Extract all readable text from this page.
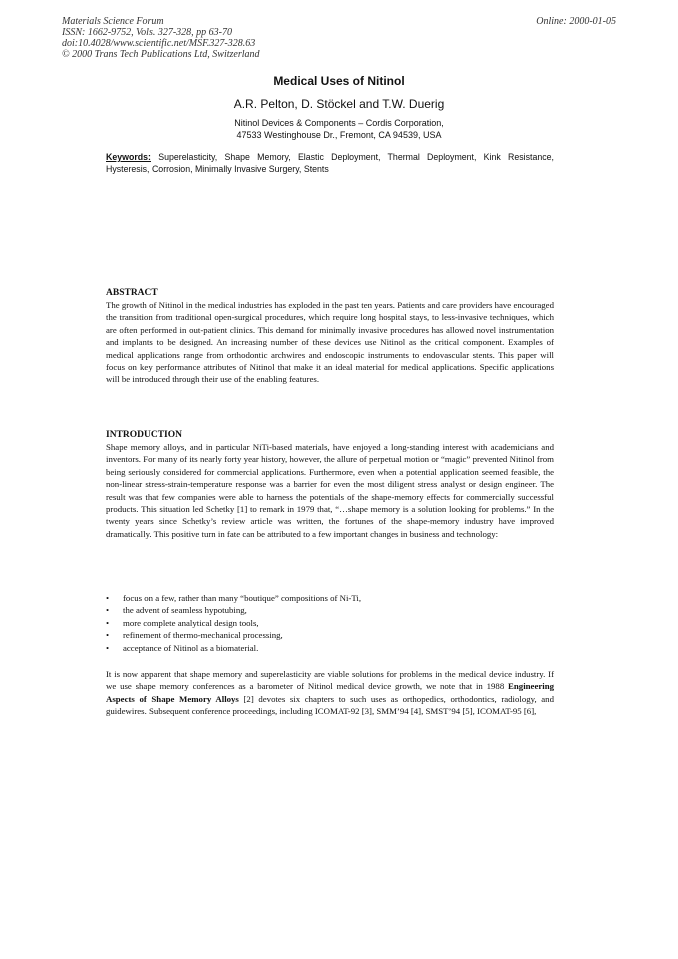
Materials Science Forum
ISSN: 1662-9752, Vols. 327-328, pp 63-70
doi:10.4028/www.scientific.net/MSF.327-328.63
© 2000 Trans Tech Publications Ltd, Switzerland
Online: 2000-01-05
Medical Uses of Nitinol
A.R. Pelton, D. Stöckel and T.W. Duerig
Nitinol Devices & Components – Cordis Corporation,
47533 Westinghouse Dr., Fremont, CA 94539, USA
Keywords: Superelasticity, Shape Memory, Elastic Deployment, Thermal Deployment, Kink Resistance, Hysteresis, Corrosion, Minimally Invasive Surgery, Stents
ABSTRACT

The growth of Nitinol in the medical industries has exploded in the past ten years. Patients and care providers have encouraged the transition from traditional open-surgical procedures, which require long hospital stays, to less-invasive techniques, which are often performed in out-patient clinics. This demand for minimally invasive procedures has allowed novel instrumentation and implants to be designed. An increasing number of these devices use Nitinol as the critical component. Examples of medical applications range from orthodontic archwires and endoscopic instruments to endovascular stents. This paper will focus on key performance attributes of Nitinol that make it an ideal material for medical applications. Specific applications will be introduced through their use of the enabling features.

INTRODUCTION

Shape memory alloys, and in particular NiTi-based materials, have enjoyed a long-standing interest with academicians and inventors. For many of its nearly forty year history, however, the allure of perpetual motion or “magic” prevented Nitinol from being seriously considered for commercial applications. Furthermore, even when a potential application seemed feasible, the non-linear stress-strain-temperature response was a barrier for even the most diligent stress analyst or design engineer. The result was that few companies were able to harness the potentials of the shape-memory effects for commercially successful products. This situation led Schetky [1] to remark in 1979 that, “…shape memory is a solution looking for problems.” In the twenty years since Schetky’s review article was written, the fortunes of the shape-memory industry have improved dramatically. This positive turn in fate can be attributed to a few important changes in business and technology:

• focus on a few, rather than many “boutique” compositions of Ni-Ti,
• the advent of seamless hypotubing,
• more complete analytical design tools,
• refinement of thermo-mechanical processing,
• acceptance of Nitinol as a biomaterial.

It is now apparent that shape memory and superelasticity are viable solutions for problems in the medical device industry. If we use shape memory conferences as a barometer of Nitinol medical device growth, we note that in 1988 Engineering Aspects of Shape Memory Alloys [2] devotes six chapters to such uses as orthopedics, orthodontics, radiology, and guidewires. Subsequent conference proceedings, including ICOMAT-92 [3], SMM’94 [4], SMST’94 [5], ICOMAT-95 [6],
